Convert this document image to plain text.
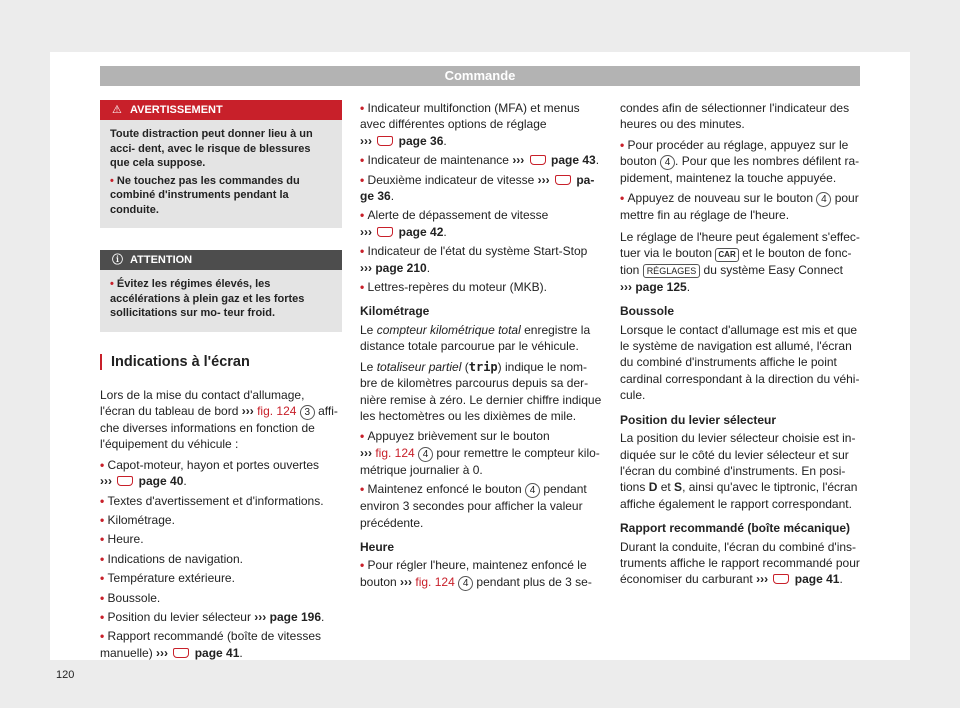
Commande
⚠ AVERTISSEMENT

Toute distraction peut donner lieu à un acci- dent, avec le risque de blessures que cela suppose.

• Ne touchez pas les commandes du combiné d'instruments pendant la conduite.

ⓘ ATTENTION

• Évitez les régimes élevés, les accélérations à plein gaz et les fortes sollicitations sur mo- teur froid.

Indications à l'écran

Lors de la mise du contact d'allumage, l'écran du tableau de bord ››› fig. 124 3 affi- che diverses informations en fonction de l'équipement du véhicule :

• Capot-moteur, hayon et portes ouvertes
›››  page 40.
• Textes d'avertissement et d'informations.
• Kilométrage.
• Heure.
• Indications de navigation.
• Température extérieure.
• Boussole.
• Position du levier sélecteur ››› page 196.
• Rapport recommandé (boîte de vitesses manuelle) ›››  page 41.
• Indicateur multifonction (MFA) et menus avec différentes options de réglage
›››  page 36.
• Indicateur de maintenance ›››  page 43.
• Deuxième indicateur de vitesse ›››  pa- ge 36.
• Alerte de dépassement de vitesse
›››  page 42.
• Indicateur de l'état du système Start-Stop
››› page 210.
• Lettres-repères du moteur (MKB).
Kilométrage

Le compteur kilométrique total enregistre la distance totale parcourue par le véhicule.

Le totaliseur partiel (trip) indique le nom- bre de kilomètres parcourus depuis sa der- nière remise à zéro. Le dernier chiffre indique les hectomètres ou les dixièmes de mile.

• Appuyez brièvement sur le bouton
››› fig. 124 4 pour remettre le compteur kilo- métrique journalier à 0.
• Maintenez enfoncé le bouton 4 pendant environ 3 secondes pour afficher la valeur précédente.
Heure
• Pour régler l'heure, maintenez enfoncé le bouton ››› fig. 124 4 pendant plus de 3 se-

condes afin de sélectionner l'indicateur des heures ou des minutes.

• Pour procéder au réglage, appuyez sur le bouton 4 . Pour que les nombres défilent ra- pidement, maintenez la touche appuyée.
• Appuyez de nouveau sur le bouton 4 pour mettre fin au réglage de l'heure.

Le réglage de l'heure peut également s'effec- tuer via le bouton CAR et le bouton de fonc- tion RÉGLAGES du système Easy Connect
››› page 125.

Boussole

Lorsque le contact d'allumage est mis et que le système de navigation est allumé, l'écran du combiné d'instruments affiche le point cardinal correspondant à la direction du véhi- cule.

Position du levier sélecteur

La position du levier sélecteur choisie est in- diquée sur le côté du levier sélecteur et sur l'écran du combiné d'instruments. En posi- tions D et S, ainsi qu'avec le tiptronic, l'écran affiche également le rapport correspondant.

Rapport recommandé (boîte mécanique)

Durant la conduite, l'écran du combiné d'ins- truments affiche le rapport recommandé pour économiser du carburant ›››  page 41.

120
